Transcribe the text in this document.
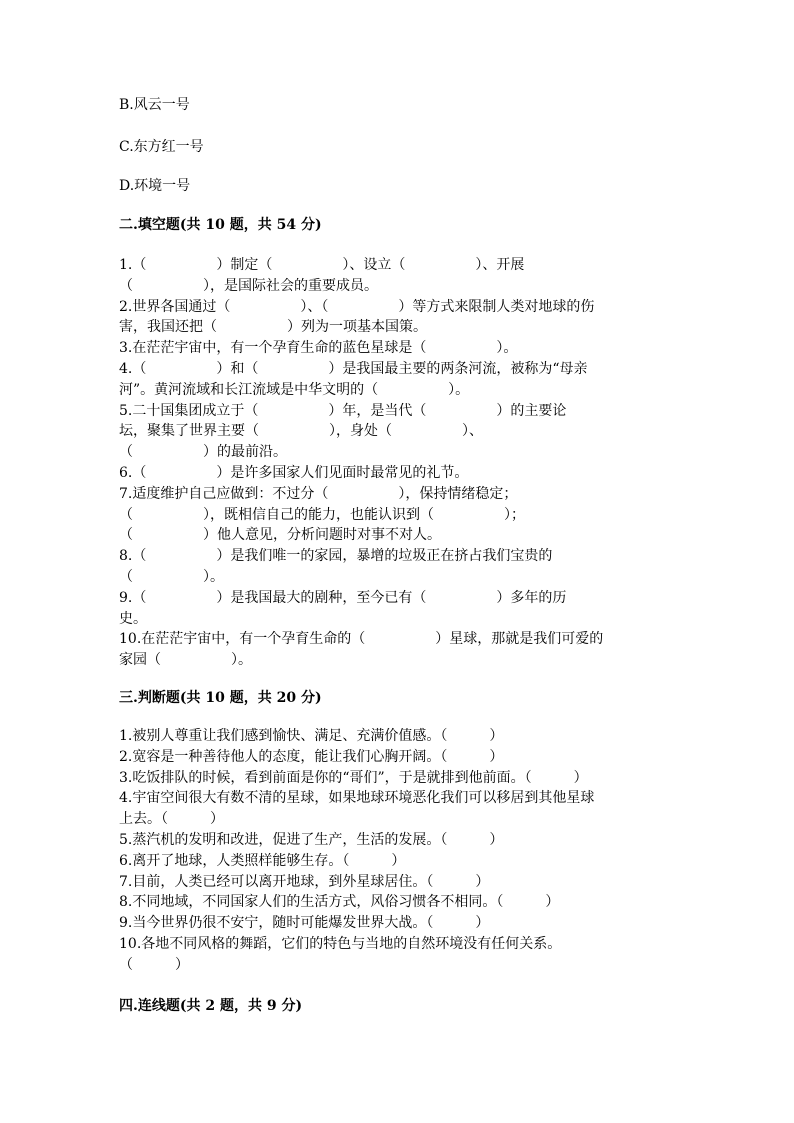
B.风云一号
C.东方红一号
D.环境一号
二.填空题(共 10 题，共 54 分)
1.（　　　　　）制定（　　　　　）、设立（　　　　　）、开展
（　　　　　），是国际社会的重要成员。
2.世界各国通过（　　　　　）、（　　　　　）等方式来限制人类对地球的伤
害，我国还把（　　　　　）列为一项基本国策。
3.在茫茫宇宙中，有一个孕育生命的蓝色星球是（　　　　　）。
4.（　　　　　）和（　　　　　）是我国最主要的两条河流，被称为“母亲
河”。黄河流域和长江流域是中华文明的（　　　　　）。
5.二十国集团成立于（　　　　　）年，是当代（　　　　　）的主要论
坛，聚集了世界主要（　　　　　），身处（　　　　　）、
（　　　　　）的最前沿。
6.（　　　　　）是许多国家人们见面时最常见的礼节。
7.适度维护自己应做到：不过分（　　　　　），保持情绪稳定；
（　　　　　），既相信自己的能力，也能认识到（　　　　　）；
（　　　　　）他人意见，分析问题时对事不对人。
8.（　　　　　）是我们唯一的家园，暴增的垃圾正在挤占我们宝贵的
（　　　　　）。
9.（　　　　　）是我国最大的剧种，至今已有（　　　　　）多年的历
史。
10.在茫茫宇宙中，有一个孕育生命的（　　　　　）星球，那就是我们可爱的
家园（　　　　　）。
三.判断题(共 10 题，共 20 分)
1.被别人尊重让我们感到愉快、满足、充满价值感。（　　　）
2.宽容是一种善待他人的态度，能让我们心胸开阔。（　　　）
3.吃饭排队的时候，看到前面是你的“哥们”，于是就排到他前面。（　　　）
4.宇宙空间很大有数不清的星球，如果地球环境恶化我们可以移居到其他星球
上去。（　　　）
5.蒸汽机的发明和改进，促进了生产，生活的发展。（　　　）
6.离开了地球，人类照样能够生存。（　　　）
7.目前，人类已经可以离开地球，到外星球居住。（　　　）
8.不同地域，不同国家人们的生活方式，风俗习惯各不相同。（　　　）
9.当今世界仍很不安宁，随时可能爆发世界大战。（　　　）
10.各地不同风格的舞蹈，它们的特色与当地的自然环境没有任何关系。
（　　　）
四.连线题(共 2 题，共 9 分)
